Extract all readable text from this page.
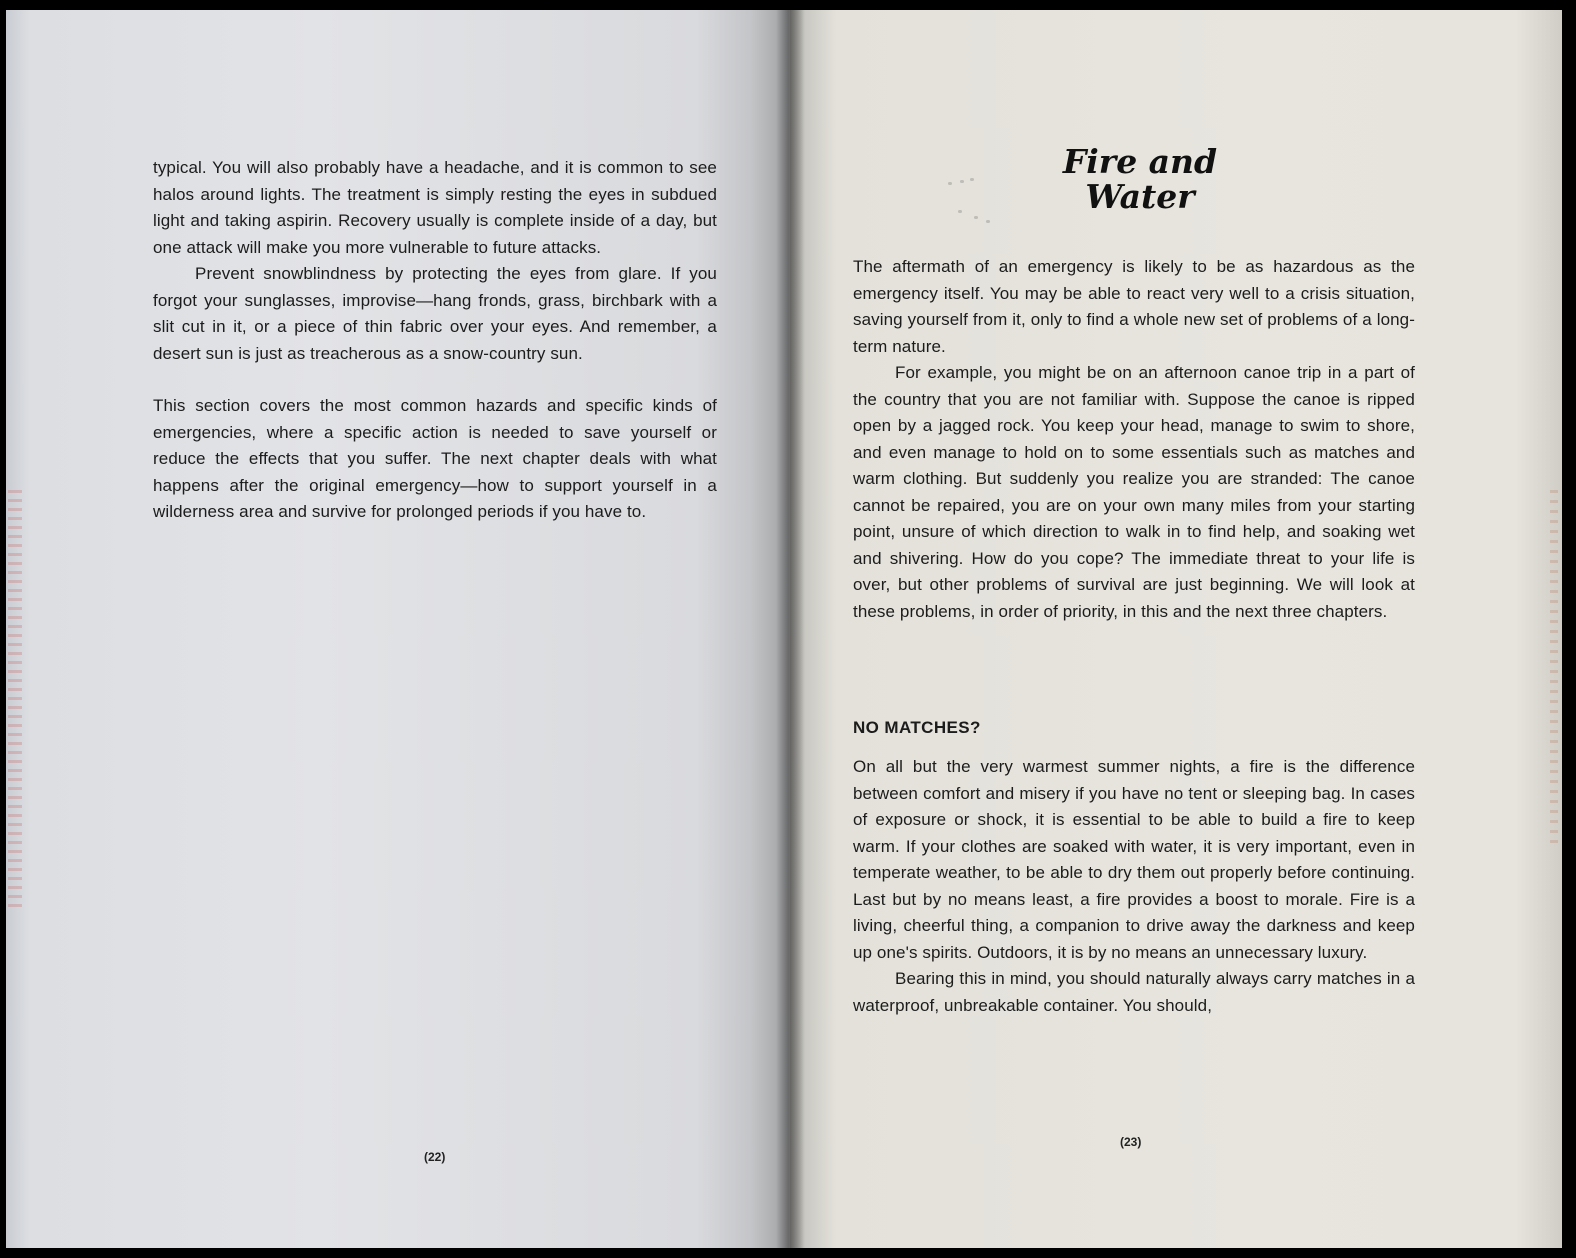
typical. You will also probably have a headache, and it is common to see halos around lights. The treatment is simply resting the eyes in subdued light and taking aspirin. Recovery usually is complete inside of a day, but one attack will make you more vulnerable to future attacks.

Prevent snowblindness by protecting the eyes from glare. If you forgot your sunglasses, improvise—hang fronds, grass, birchbark with a slit cut in it, or a piece of thin fabric over your eyes. And remember, a desert sun is just as treacherous as a snow-country sun.

This section covers the most common hazards and specific kinds of emergencies, where a specific action is needed to save yourself or reduce the effects that you suffer. The next chapter deals with what happens after the original emergency—how to support yourself in a wilderness area and survive for prolonged periods if you have to.

(22)
Fire and
Water

The aftermath of an emergency is likely to be as hazardous as the emergency itself. You may be able to react very well to a crisis situation, saving yourself from it, only to find a whole new set of problems of a long-term nature.

For example, you might be on an afternoon canoe trip in a part of the country that you are not familiar with. Suppose the canoe is ripped open by a jagged rock. You keep your head, manage to swim to shore, and even manage to hold on to some essentials such as matches and warm clothing. But suddenly you realize you are stranded: The canoe cannot be repaired, you are on your own many miles from your starting point, unsure of which direction to walk in to find help, and soaking wet and shivering. How do you cope? The immediate threat to your life is over, but other problems of survival are just beginning. We will look at these problems, in order of priority, in this and the next three chapters.

NO MATCHES?

On all but the very warmest summer nights, a fire is the difference between comfort and misery if you have no tent or sleeping bag. In cases of exposure or shock, it is essential to be able to build a fire to keep warm. If your clothes are soaked with water, it is very important, even in temperate weather, to be able to dry them out properly before continuing. Last but by no means least, a fire provides a boost to morale. Fire is a living, cheerful thing, a companion to drive away the darkness and keep up one's spirits. Outdoors, it is by no means an unnecessary luxury.

Bearing this in mind, you should naturally always carry matches in a waterproof, unbreakable container. You should,

(23)
